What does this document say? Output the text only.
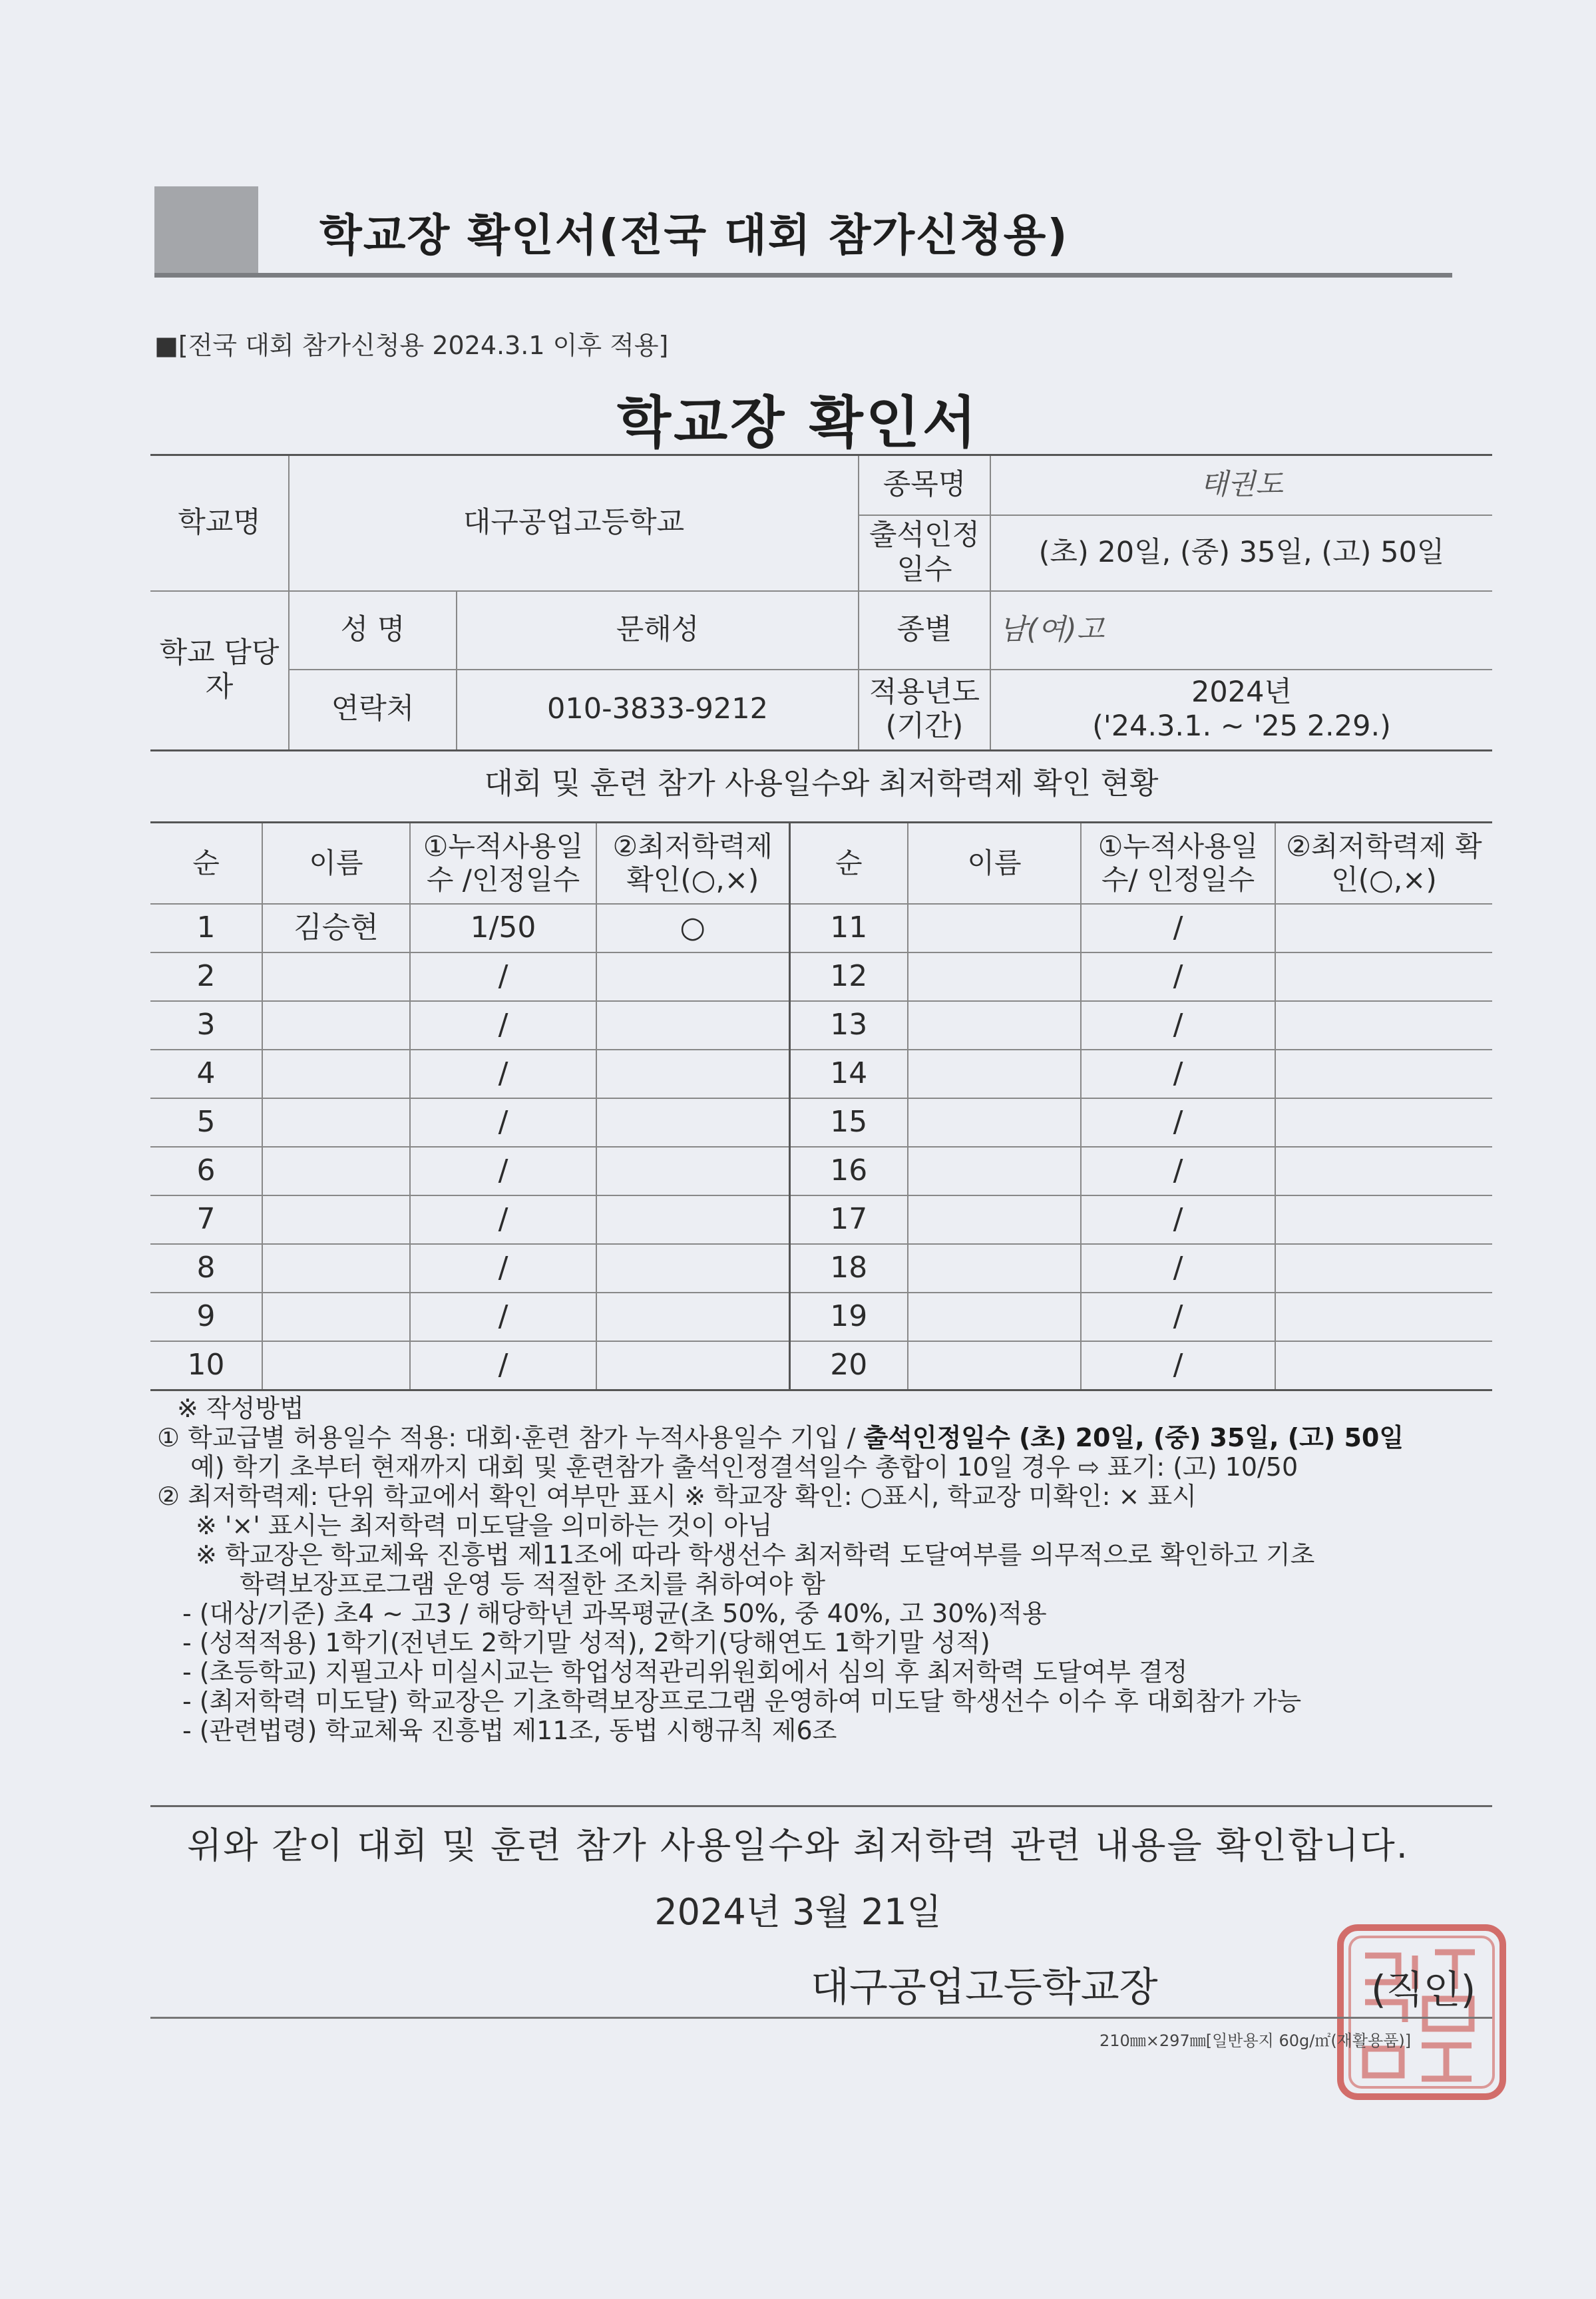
학교장 확인서(전국 대회 참가신청용)
■[전국 대회 참가신청용 2024.3.1 이후 적용]
학교장 확인서
학교명	대구공업고등학교		종목명	태권도
			출석인정 일수	(초) 20일, (중) 35일, (고) 50일
학교 담당자	성 명	문해성	종별	남(여)고
	연락처	010-3833-9212	적용년도 (기간)	2024년
('24.3.1. ~ '25 2.29.)
대회 및 훈련 참가 사용일수와 최저학력제 확인 현황
순	이름	①누적사용일수 /인정일수	②최저학력제 확인(○,×)	순	이름	①누적사용일수/ 인정일수	②최저학력제 확인(○,×)
1	김승현	1/50	○	11		/	
2		/		12		/	
3		/		13		/	
4		/		14		/	
5		/		15		/	
6		/		16		/	
7		/		17		/	
8		/		18		/	
9		/		19		/	
10		/		20		/	
※ 작성방법
① 학교급별 허용일수 적용: 대회·훈련 참가 누적사용일수 기입 / 출석인정일수 (초) 20일, (중) 35일, (고) 50일
예) 학기 초부터 현재까지 대회 및 훈련참가 출석인정결석일수 총합이 10일 경우 ⇨ 표기: (고) 10/50
② 최저학력제: 단위 학교에서 확인 여부만 표시 ※ 학교장 확인: ○표시, 학교장 미확인: × 표시
※ '×' 표시는 최저학력 미도달을 의미하는 것이 아님
※ 학교장은 학교체육 진흥법 제11조에 따라 학생선수 최저학력 도달여부를 의무적으로 확인하고 기초
학력보장프로그램 운영 등 적절한 조치를 취하여야 함
- (대상/기준) 초4 ~ 고3 / 해당학년 과목평균(초 50%, 중 40%, 고 30%)적용
- (성적적용) 1학기(전년도 2학기말 성적), 2학기(당해연도 1학기말 성적)
- (초등학교) 지필고사 미실시교는 학업성적관리위원회에서 심의 후 최저학력 도달여부 결정
- (최저학력 미도달) 학교장은 기초학력보장프로그램 운영하여 미도달 학생선수 이수 후 대회참가 가능
- (관련법령) 학교체육 진흥법 제11조, 동법 시행규칙 제6조
위와 같이 대회 및 훈련 참가 사용일수와 최저학력 관련 내용을 확인합니다.
2024년 3월 21일
대구공업고등학교장	(직인)
210㎜×297㎜[일반용지 60g/㎡(재활용품)]
